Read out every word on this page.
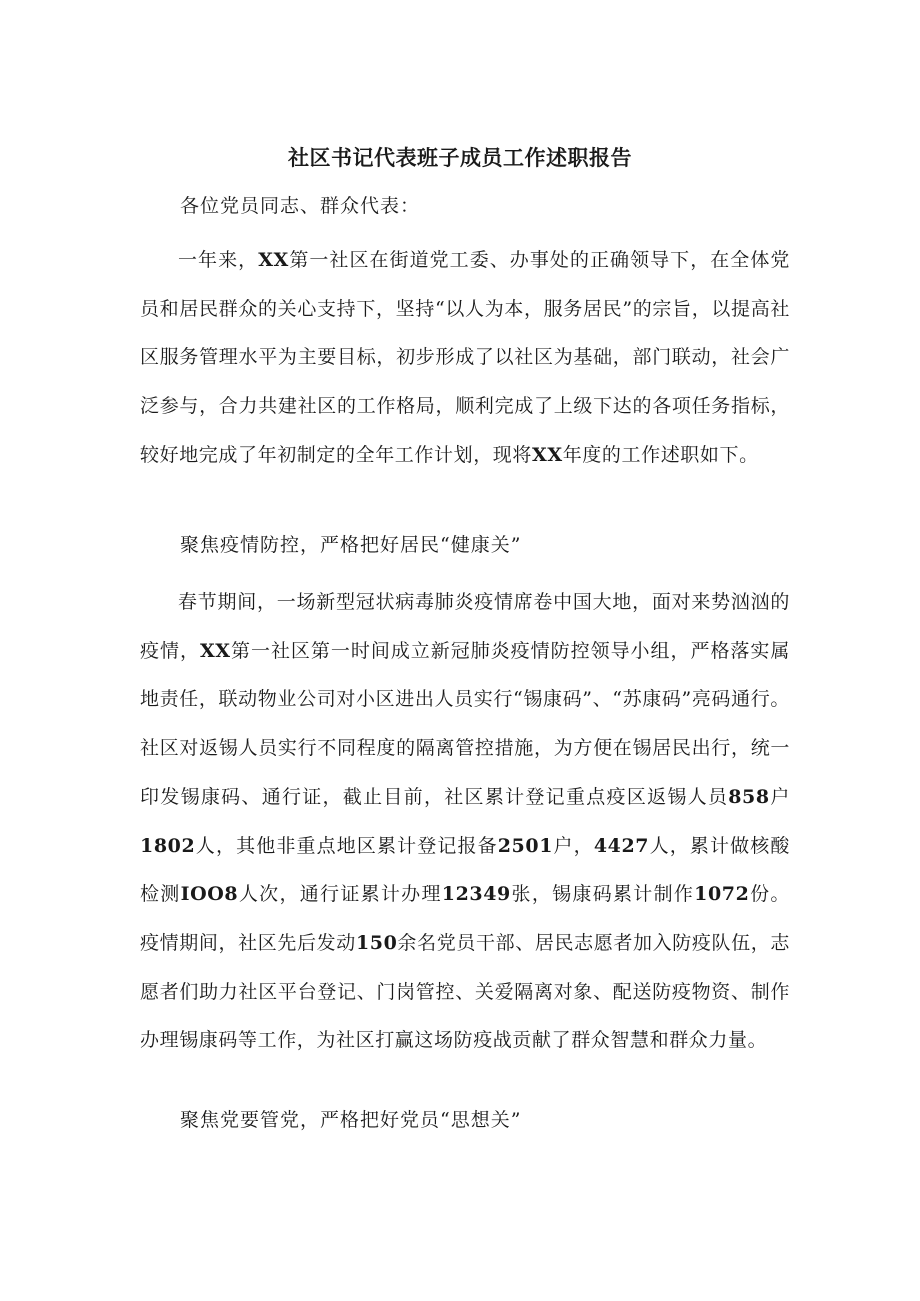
社区书记代表班子成员工作述职报告
各位党员同志、群众代表：

一年来，XX第一社区在街道党工委、办事处的正确领导下，在全体党员和居民群众的关心支持下，坚持“以人为本，服务居民”的宗旨，以提高社区服务管理水平为主要目标，初步形成了以社区为基础，部门联动，社会广泛参与，合力共建社区的工作格局，顺利完成了上级下达的各项任务指标，较好地完成了年初制定的全年工作计划，现将XX年度的工作述职如下。

聚焦疫情防控，严格把好居民“健康关”

春节期间，一场新型冠状病毒肺炎疫情席卷中国大地，面对来势汹汹的疫情，XX第一社区第一时间成立新冠肺炎疫情防控领导小组，严格落实属地责任，联动物业公司对小区进出人员实行“锡康码”、“苏康码”亮码通行。社区对返锡人员实行不同程度的隔离管控措施，为方便在锡居民出行，统一印发锡康码、通行证，截止目前，社区累计登记重点疫区返锡人员858户1802人，其他非重点地区累计登记报备2501户，4427人，累计做核酸检测IOO8人次，通行证累计办理12349张，锡康码累计制作1072份。疫情期间，社区先后发动150余名党员干部、居民志愿者加入防疫队伍，志愿者们助力社区平台登记、门岗管控、关爱隔离对象、配送防疫物资、制作办理锡康码等工作，为社区打赢这场防疫战贡献了群众智慧和群众力量。

聚焦党要管党，严格把好党员“思想关”
